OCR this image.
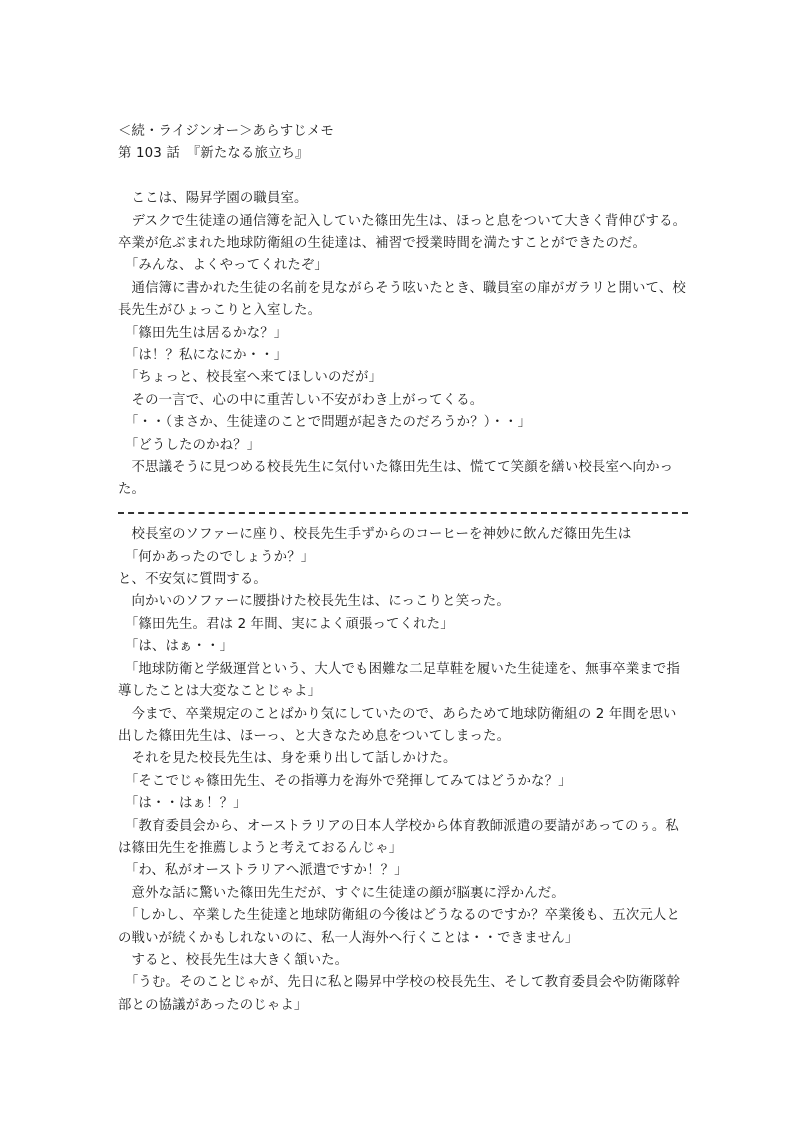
＜続・ライジンオー＞あらすじメモ
第 103 話　『新たなる旅立ち』
　ここは、陽昇学園の職員室。
　デスクで生徒達の通信簿を記入していた篠田先生は、ほっと息をついて大きく背伸びする。卒業が危ぶまれた地球防衛組の生徒達は、補習で授業時間を満たすことができたのだ。
　「みんな、よくやってくれたぞ」
　通信簿に書かれた生徒の名前を見ながらそう呟いたとき、職員室の扉がガラリと開いて、校長先生がひょっこりと入室した。
　「篠田先生は居るかな？」
　「は！？私になにか・・」
　「ちょっと、校長室へ来てほしいのだが」
　その一言で、心の中に重苦しい不安がわき上がってくる。
　「・・（まさか、生徒達のことで問題が起きたのだろうか？）・・」
　「どうしたのかね？」
　不思議そうに見つめる校長先生に気付いた篠田先生は、慌てて笑顔を繕い校長室へ向かった。
　校長室のソファーに座り、校長先生手ずからのコーヒーを神妙に飲んだ篠田先生は
　「何かあったのでしょうか？」
と、不安気に質問する。
　向かいのソファーに腰掛けた校長先生は、にっこりと笑った。
　「篠田先生。君は 2 年間、実によく頑張ってくれた」
　「は、はぁ・・」
　「地球防衛と学級運営という、大人でも困難な二足草鞋を履いた生徒達を、無事卒業まで指導したことは大変なことじゃよ」
　今まで、卒業規定のことばかり気にしていたので、あらためて地球防衛組の 2 年間を思い出した篠田先生は、ほーっ、と大きなため息をついてしまった。
　それを見た校長先生は、身を乗り出して話しかけた。
　「そこでじゃ篠田先生、その指導力を海外で発揮してみてはどうかな？」
　「は・・はぁ！？」
　「教育委員会から、オーストラリアの日本人学校から体育教師派遣の要請があってのぅ。私は篠田先生を推薦しようと考えておるんじゃ」
　「わ、私がオーストラリアへ派遣ですか！？」
　意外な話に驚いた篠田先生だが、すぐに生徒達の顔が脳裏に浮かんだ。
　「しかし、卒業した生徒達と地球防衛組の今後はどうなるのですか？卒業後も、五次元人との戦いが続くかもしれないのに、私一人海外へ行くことは・・できません」
　すると、校長先生は大きく頷いた。
　「うむ。そのことじゃが、先日に私と陽昇中学校の校長先生、そして教育委員会や防衛隊幹部との協議があったのじゃよ」
